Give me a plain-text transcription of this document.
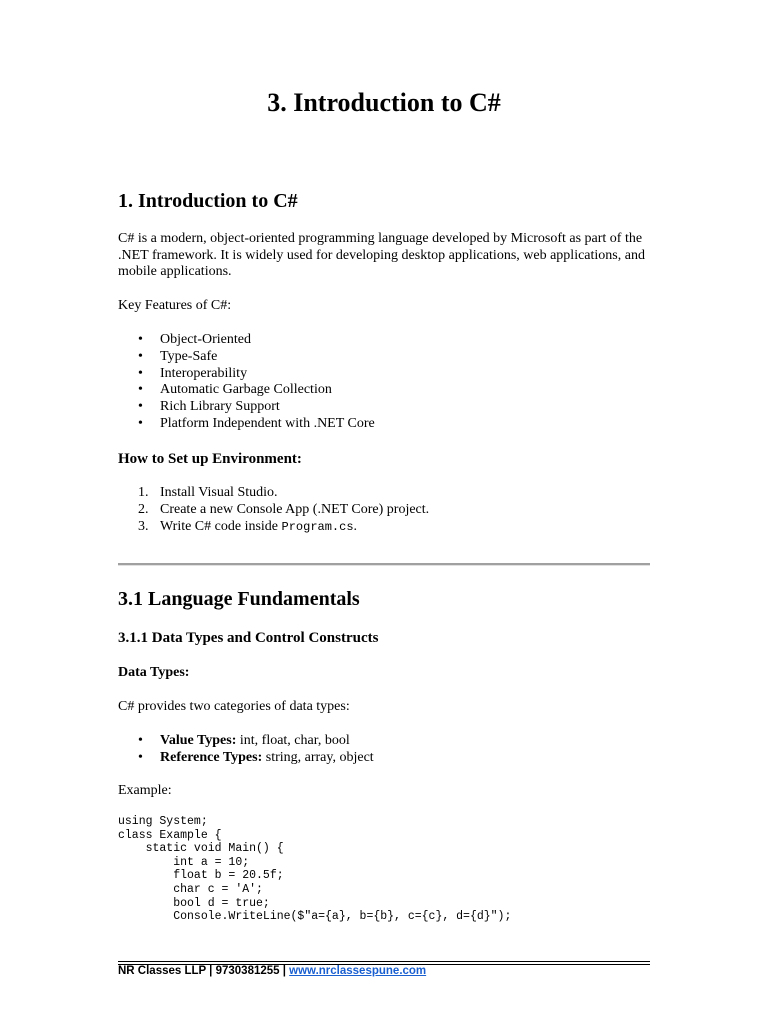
3. Introduction to C#
1. Introduction to C#

C# is a modern, object-oriented programming language developed by Microsoft as part of the .NET framework. It is widely used for developing desktop applications, web applications, and mobile applications.

Key Features of C#:

• Object-Oriented
• Type-Safe
• Interoperability
• Automatic Garbage Collection
• Rich Library Support
• Platform Independent with .NET Core
How to Set up Environment:
1. Install Visual Studio.
2. Create a new Console App (.NET Core) project.
3. Write C# code inside Program.cs.
3.1 Language Fundamentals
3.1.1 Data Types and Control Constructs
Data Types:

C# provides two categories of data types:

• Value Types: int, float, char, bool
• Reference Types: string, array, object

Example:

using System;
class Example {
static void Main() {
int a = 10;
float b = 20.5f;
char c = 'A';
bool d = true;
Console.WriteLine($"a={a}, b={b}, c={c}, d={d}");
NR Classes LLP | 9730381255 | www.nrclassespune.com
